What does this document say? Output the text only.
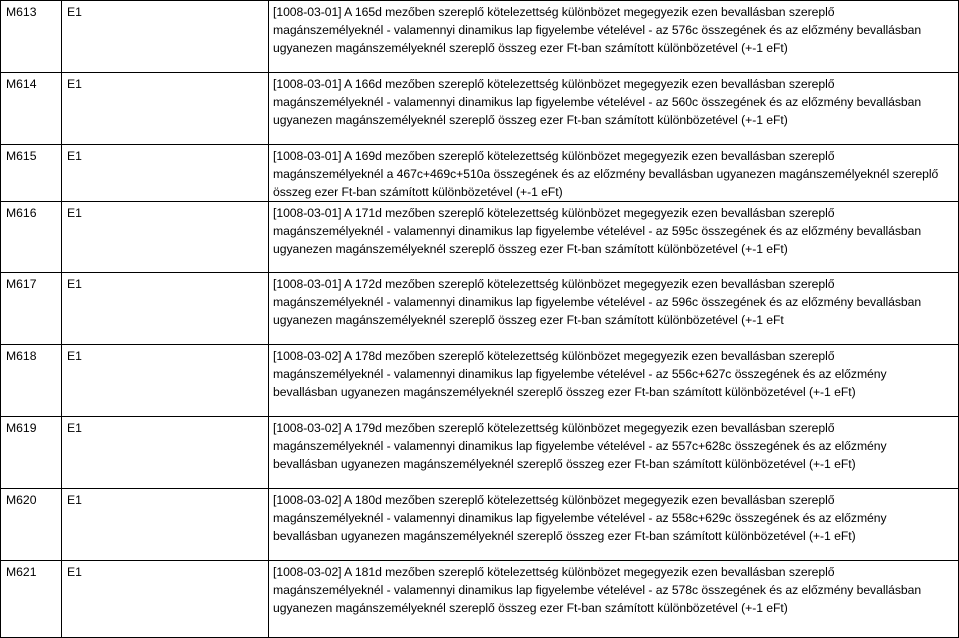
M613	E1	[1008-03-01] A 165d mezőben szereplő kötelezettség különbözet megegyezik ezen bevallásban szereplő
magánszemélyeknél - valamennyi dinamikus lap figyelembe vételével - az 576c összegének és az előzmény bevallásban
ugyanezen magánszemélyeknél szereplő összeg ezer Ft-ban számított különbözetével (+-1 eFt)
M614	E1	[1008-03-01] A 166d mezőben szereplő kötelezettség különbözet megegyezik ezen bevallásban szereplő
magánszemélyeknél - valamennyi dinamikus lap figyelembe vételével - az 560c összegének és az előzmény bevallásban
ugyanezen magánszemélyeknél szereplő összeg ezer Ft-ban számított különbözetével (+-1 eFt)
M615	E1	[1008-03-01] A 169d mezőben szereplő kötelezettség különbözet megegyezik ezen bevallásban szereplő
magánszemélyeknél a 467c+469c+510a összegének és az előzmény bevallásban ugyanezen magánszemélyeknél szereplő
összeg ezer Ft-ban számított különbözetével (+-1 eFt)
M616	E1	[1008-03-01] A 171d mezőben szereplő kötelezettség különbözet megegyezik ezen bevallásban szereplő
magánszemélyeknél - valamennyi dinamikus lap figyelembe vételével - az 595c összegének és az előzmény bevallásban
ugyanezen magánszemélyeknél szereplő összeg ezer Ft-ban számított különbözetével (+-1 eFt)
M617	E1	[1008-03-01] A 172d mezőben szereplő kötelezettség különbözet megegyezik ezen bevallásban szereplő
magánszemélyeknél - valamennyi dinamikus lap figyelembe vételével - az 596c összegének és az előzmény bevallásban
ugyanezen magánszemélyeknél szereplő összeg ezer Ft-ban számított különbözetével (+-1 eFt
M618	E1	[1008-03-02] A 178d mezőben szereplő kötelezettség különbözet megegyezik ezen bevallásban szereplő
magánszemélyeknél - valamennyi dinamikus lap figyelembe vételével - az 556c+627c összegének és az előzmény
bevallásban ugyanezen magánszemélyeknél szereplő összeg ezer Ft-ban számított különbözetével (+-1 eFt)
M619	E1	[1008-03-02] A 179d mezőben szereplő kötelezettség különbözet megegyezik ezen bevallásban szereplő
magánszemélyeknél - valamennyi dinamikus lap figyelembe vételével - az 557c+628c összegének és az előzmény
bevallásban ugyanezen magánszemélyeknél szereplő összeg ezer Ft-ban számított különbözetével (+-1 eFt)
M620	E1	[1008-03-02] A 180d mezőben szereplő kötelezettség különbözet megegyezik ezen bevallásban szereplő
magánszemélyeknél - valamennyi dinamikus lap figyelembe vételével - az 558c+629c összegének és az előzmény
bevallásban ugyanezen magánszemélyeknél szereplő összeg ezer Ft-ban számított különbözetével (+-1 eFt)
M621	E1	[1008-03-02] A 181d mezőben szereplő kötelezettség különbözet megegyezik ezen bevallásban szereplő
magánszemélyeknél - valamennyi dinamikus lap figyelembe vételével - az 578c összegének és az előzmény bevallásban
ugyanezen magánszemélyeknél szereplő összeg ezer Ft-ban számított különbözetével (+-1 eFt)
